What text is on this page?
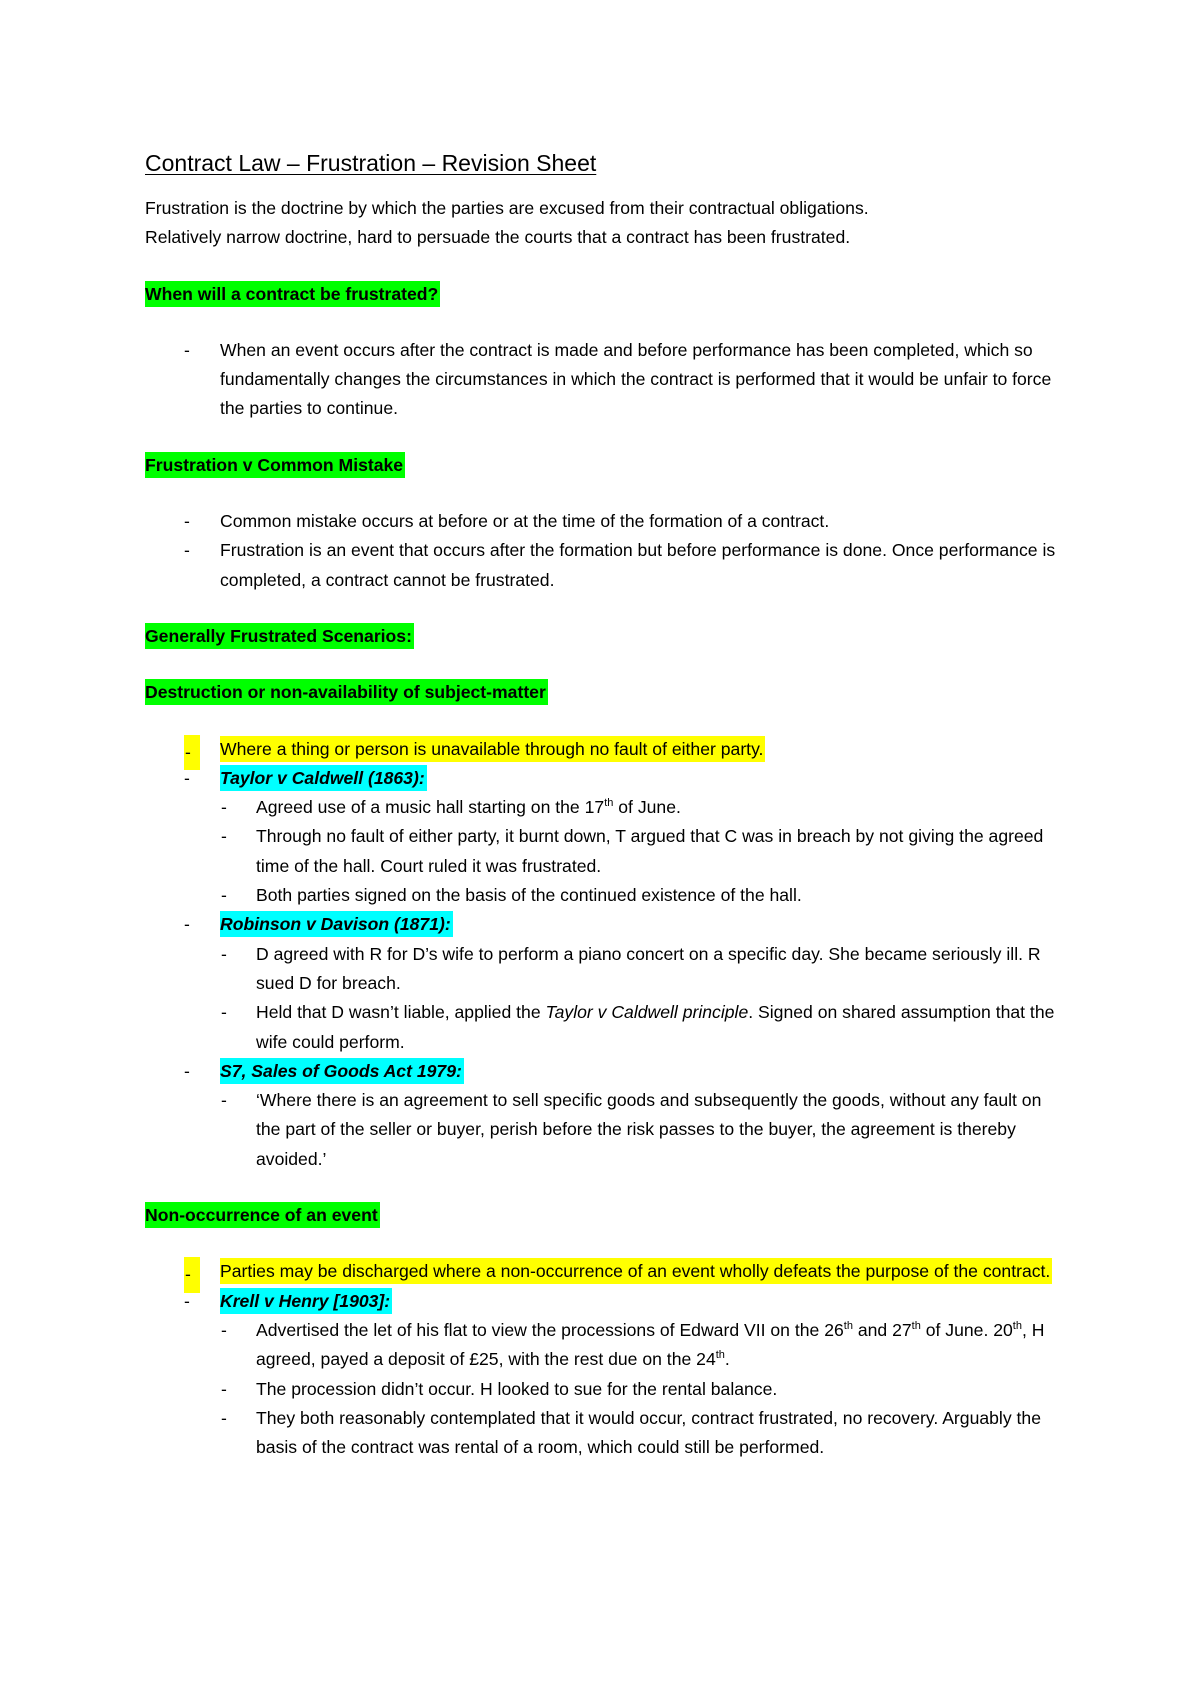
Contract Law – Frustration – Revision Sheet

Frustration is the doctrine by which the parties are excused from their contractual obligations.

Relatively narrow doctrine, hard to persuade the courts that a contract has been frustrated.

When will a contract be frustrated?
- When an event occurs after the contract is made and before performance has been completed, which so fundamentally changes the circumstances in which the contract is performed that it would be unfair to force the parties to continue.
Frustration v Common Mistake
- Common mistake occurs at before or at the time of the formation of a contract.
- Frustration is an event that occurs after the formation but before performance is done. Once performance is completed, a contract cannot be frustrated.
Generally Frustrated Scenarios:
Destruction or non-availability of subject-matter
-	Where a thing or person is unavailable through no fault of either party.
- Taylor v Caldwell (1863):
- Agreed use of a music hall starting on the 17th of June.
- Through no fault of either party, it burnt down, T argued that C was in breach by not giving the agreed time of the hall. Court ruled it was frustrated.
- Both parties signed on the basis of the continued existence of the hall.
- Robinson v Davison (1871):
- D agreed with R for D’s wife to perform a piano concert on a specific day. She became seriously ill. R sued D for breach.
- Held that D wasn’t liable, applied the Taylor v Caldwell principle. Signed on shared assumption that the wife could perform.
- S7, Sales of Goods Act 1979:
- ‘Where there is an agreement to sell specific goods and subsequently the goods, without any fault on the part of the seller or buyer, perish before the risk passes to the buyer, the agreement is thereby avoided.’
Non-occurrence of an event
-	Parties may be discharged where a non-occurrence of an event wholly defeats the purpose of the contract.
- Krell v Henry [1903]:
- Advertised the let of his flat to view the processions of Edward VII on the 26th and 27th of June. 20th, H agreed, payed a deposit of £25, with the rest due on the 24th.
- The procession didn’t occur. H looked to sue for the rental balance.
- They both reasonably contemplated that it would occur, contract frustrated, no recovery. Arguably the basis of the contract was rental of a room, which could still be performed.
